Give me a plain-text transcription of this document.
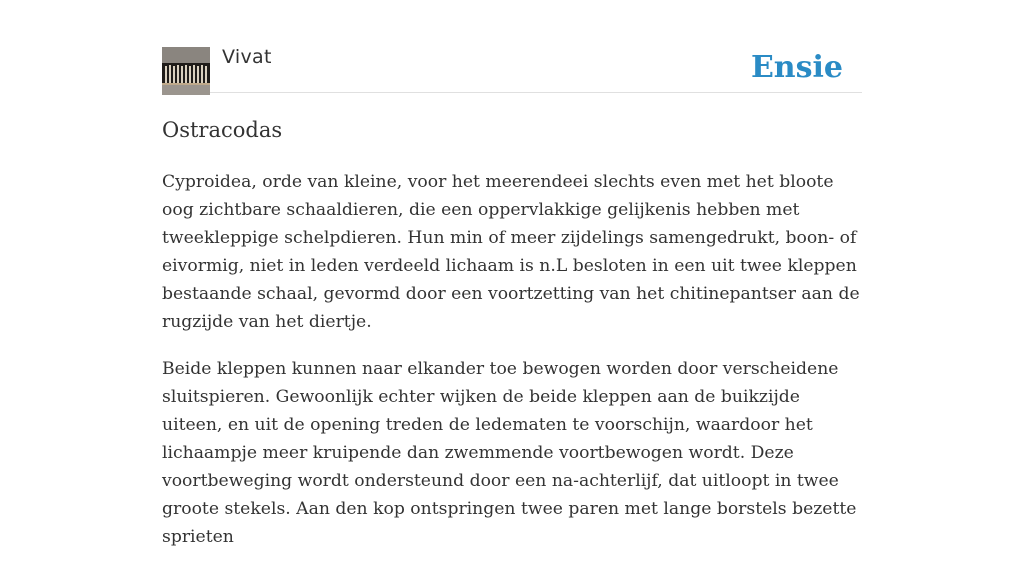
Vivat	Ensie
Ostracodas

Cyproidea, orde van kleine, voor het meerendeei slechts even met het bloote oog zichtbare schaaldieren, die een oppervlakkige gelijkenis hebben met tweekleppige schelpdieren. Hun min of meer zijdelings samengedrukt, boon- of eivormig, niet in leden verdeeld lichaam is n.L besloten in een uit twee kleppen bestaande schaal, gevormd door een voortzetting van het chitinepantser aan de rugzijde van het diertje.

Beide kleppen kunnen naar elkander toe bewogen worden door verscheidene sluitspieren. Gewoonlijk echter wijken de beide kleppen aan de buikzijde uiteen, en uit de opening treden de ledematen te voorschijn, waardoor het lichaampje meer kruipende dan zwemmende voortbewogen wordt. Deze voortbeweging wordt ondersteund door een na-achterlijf, dat uitloopt in twee groote stekels. Aan den kop ontspringen twee paren met lange borstels bezette sprieten
